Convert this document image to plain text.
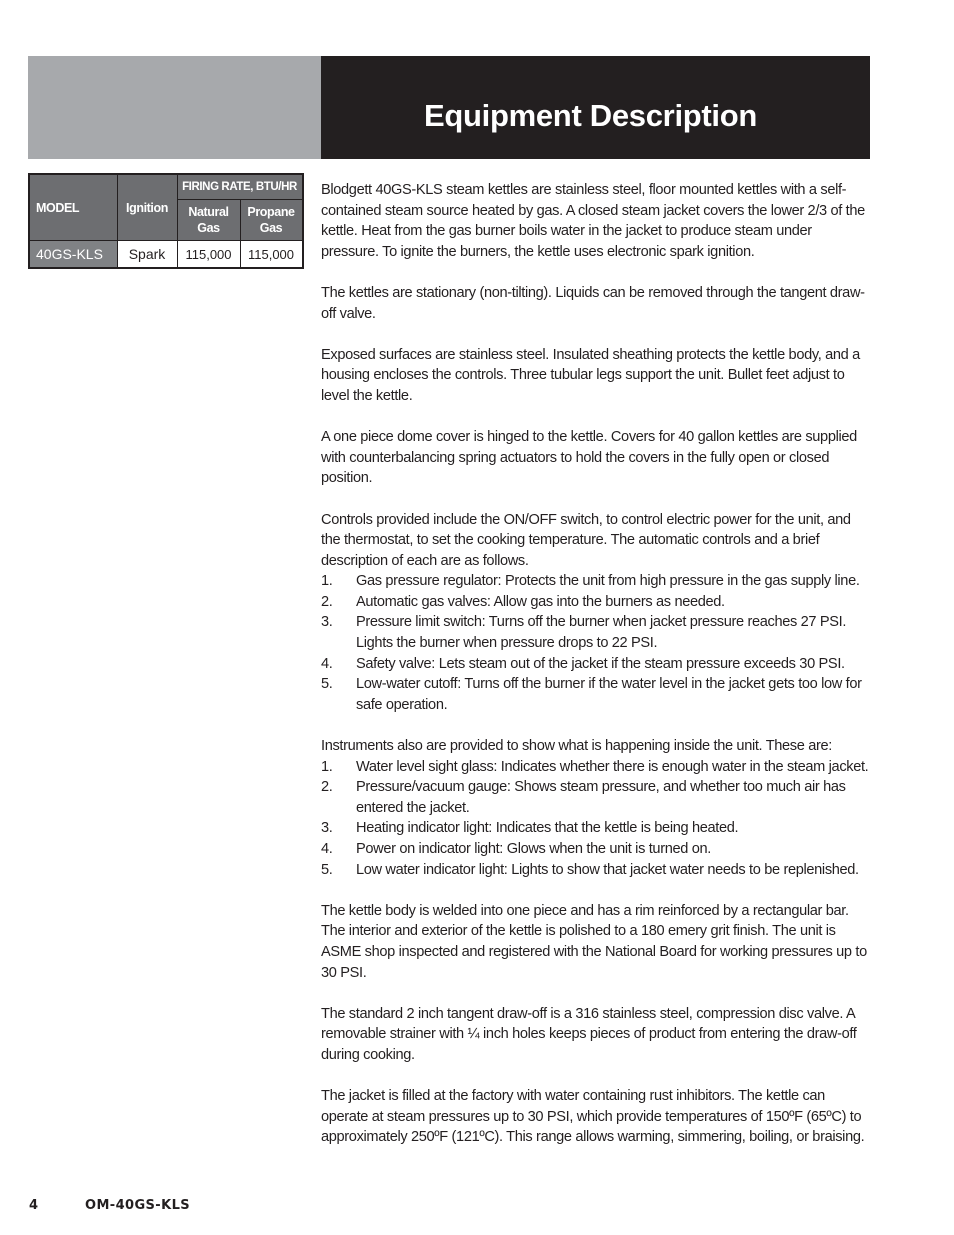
Equipment Description
MODEL	Ignition	FIRING RATE, BTU/HR	
		Natural Gas	Propane Gas
40GS-KLS	Spark	115,000	115,000

Blodgett 40GS-KLS steam kettles are stainless steel, floor mounted kettles with a self-contained steam source heated by gas. A closed steam jacket covers the lower 2/3 of the kettle. Heat from the gas burner boils water in the jacket to produce steam under pressure. To ignite the burners, the kettle uses electronic spark ignition.

The kettles are stationary (non-tilting). Liquids can be removed through the tangent draw-off valve.

Exposed surfaces are stainless steel. Insulated sheathing protects the kettle body, and a housing encloses the controls. Three tubular legs support the unit. Bullet feet adjust to level the kettle.

A one piece dome cover is hinged to the kettle. Covers for 40 gallon kettles are supplied with counterbalancing spring actuators to hold the covers in the fully open or closed position.

Controls provided include the ON/OFF switch, to control electric power for the unit, and the thermostat, to set the cooking temperature. The automatic controls and a brief description of each are as follows.

1. Gas pressure regulator: Protects the unit from high pressure in the gas supply line.
2. Automatic gas valves: Allow gas into the burners as needed.
3. Pressure limit switch: Turns off the burner when jacket pressure reaches 27 PSI. Lights the burner when pressure drops to 22 PSI.
4. Safety valve: Lets steam out of the jacket if the steam pressure exceeds 30 PSI.
5. Low-water cutoff: Turns off the burner if the water level in the jacket gets too low for safe operation.

Instruments also are provided to show what is happening inside the unit. These are:

1. Water level sight glass: Indicates whether there is enough water in the steam jacket.
2. Pressure/vacuum gauge: Shows steam pressure, and whether too much air has entered the jacket.
3. Heating indicator light: Indicates that the kettle is being heated.
4. Power on indicator light: Glows when the unit is turned on.
5. Low water indicator light: Lights to show that jacket water needs to be replenished.

The kettle body is welded into one piece and has a rim reinforced by a rectangular bar. The interior and exterior of the kettle is polished to a 180 emery grit finish. The unit is ASME shop inspected and registered with the National Board for working pressures up to 30 PSI.

The standard 2 inch tangent draw-off is a 316 stainless steel, compression disc valve. A removable strainer with ¼ inch holes keeps pieces of product from entering the draw-off during cooking.

The jacket is filled at the factory with water containing rust inhibitors. The kettle can operate at steam pressures up to 30 PSI, which provide temperatures of 150ºF (65ºC) to approximately 250ºF (121ºC). This range allows warming, simmering, boiling, or braising.

4	OM-40GS-KLS
